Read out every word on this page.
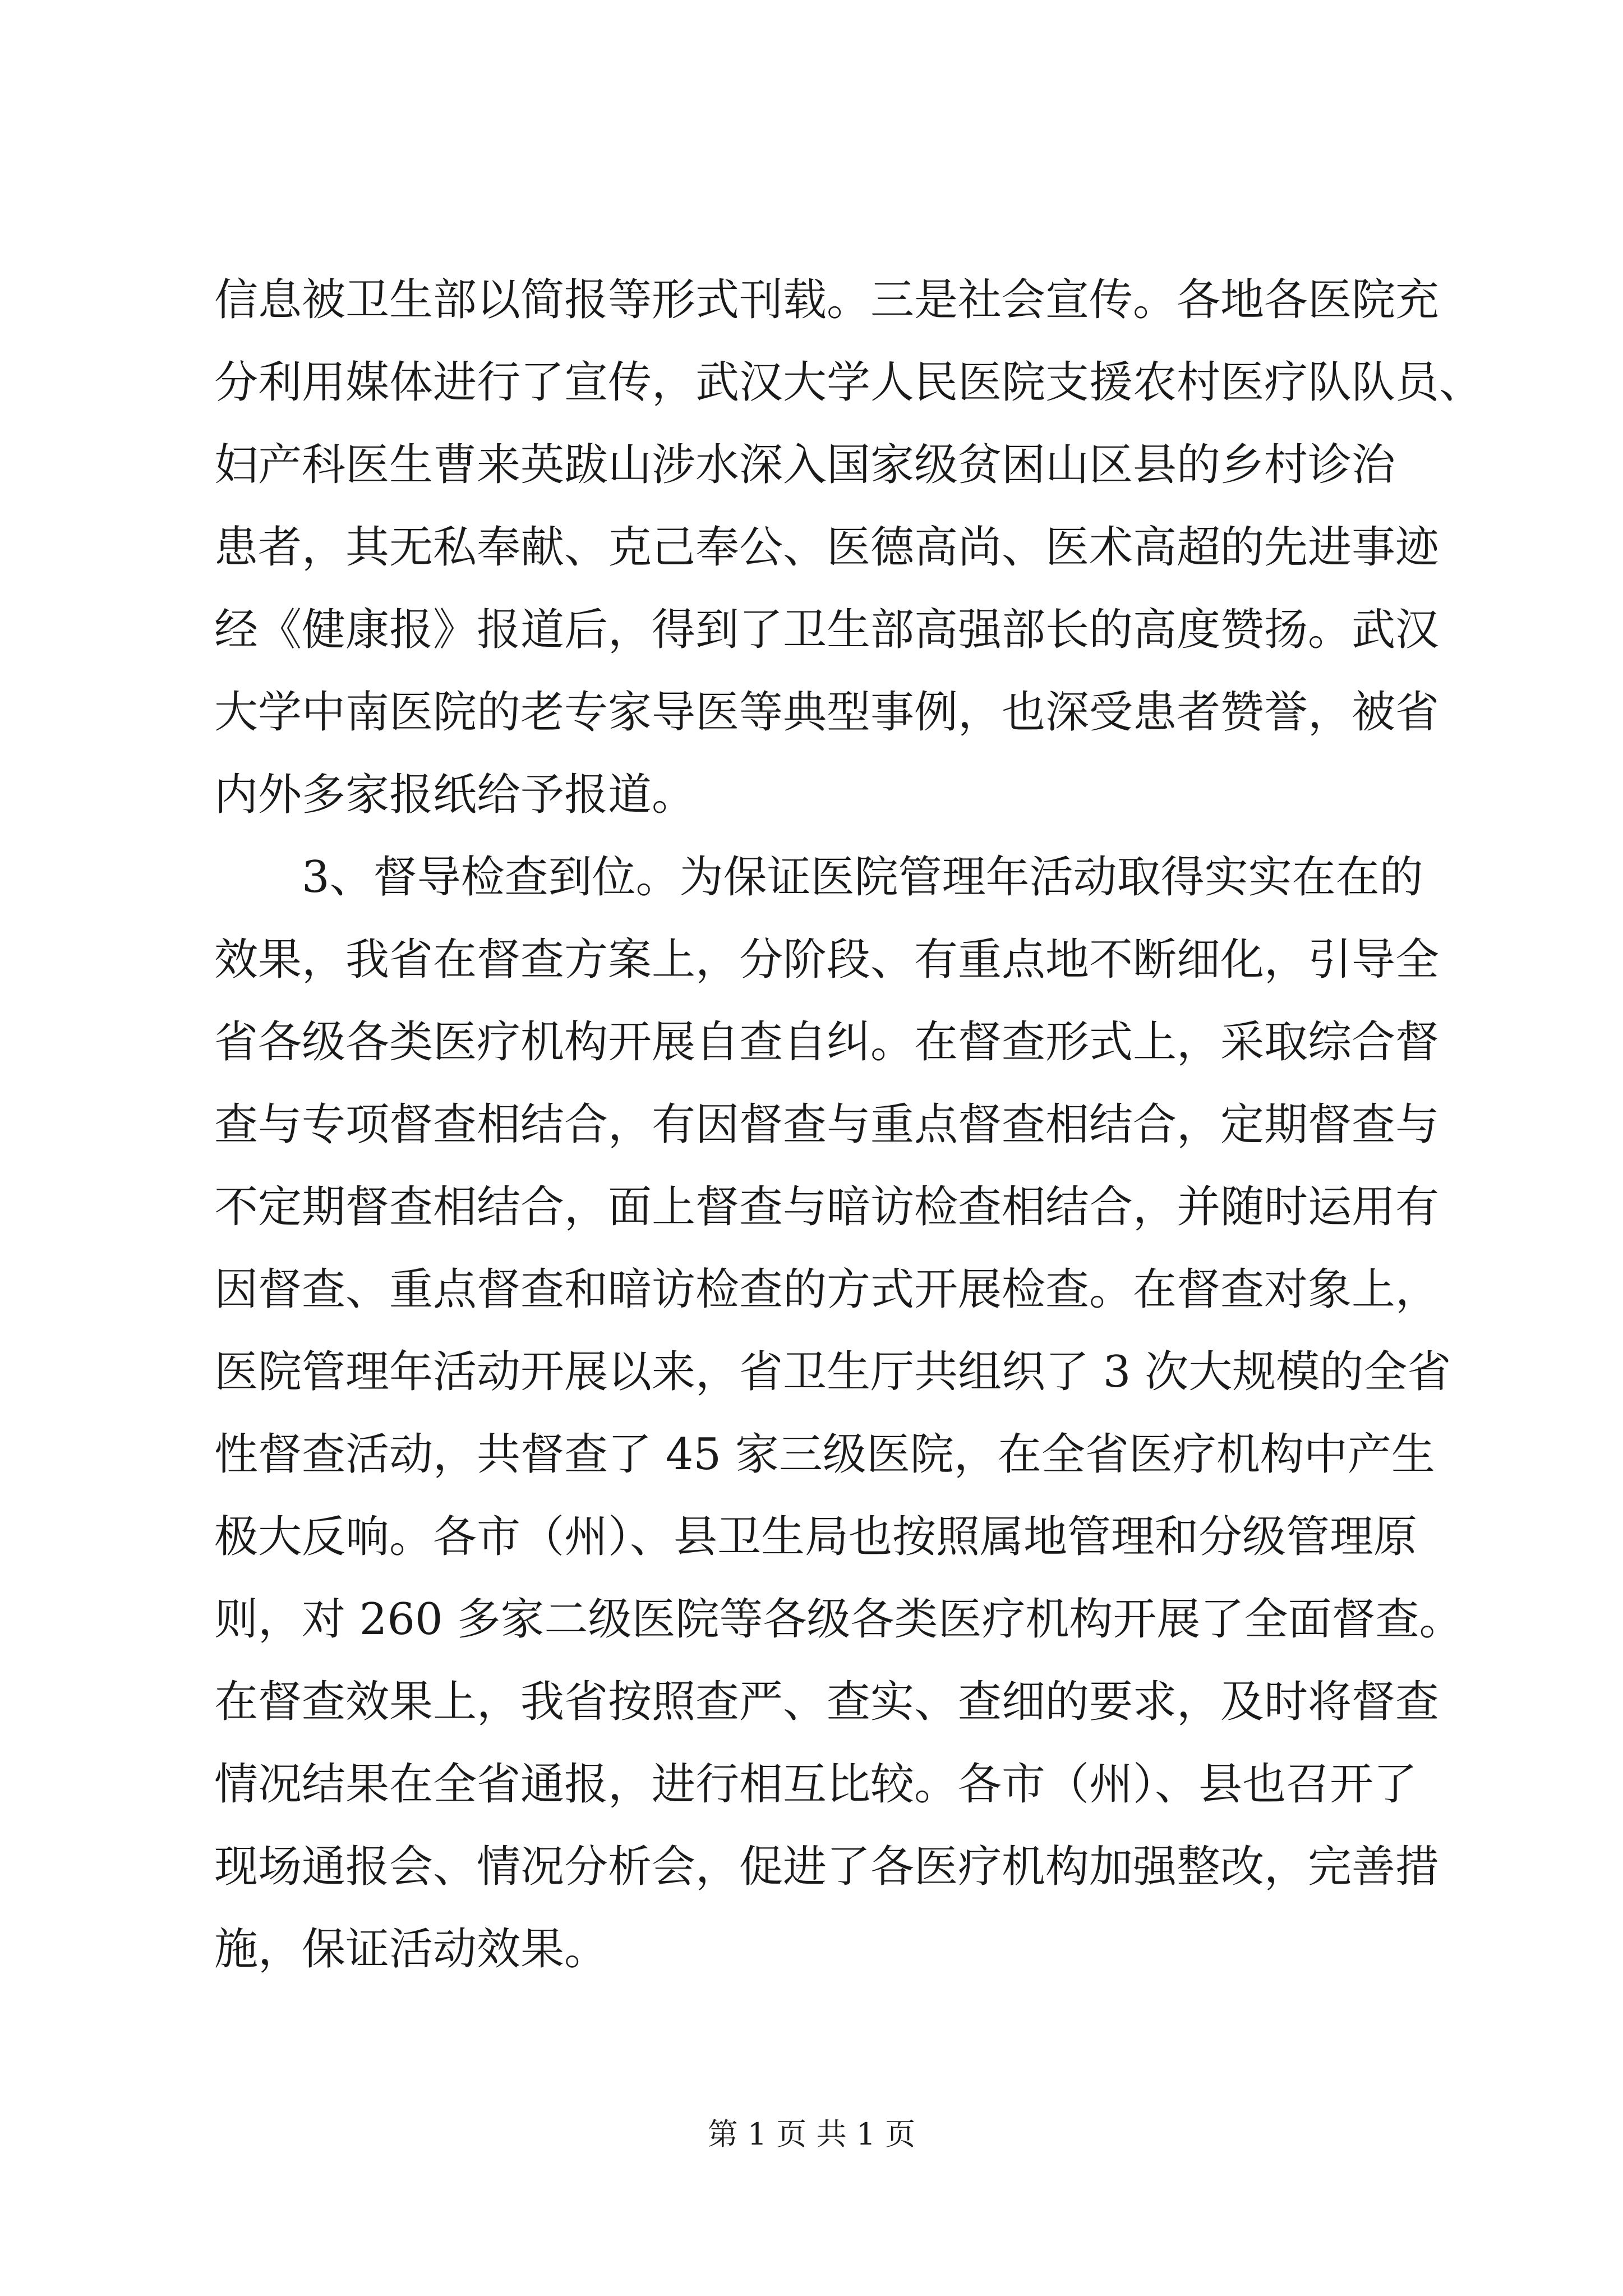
信息被卫生部以简报等形式刊载。三是社会宣传。各地各医院充
分利用媒体进行了宣传，武汉大学人民医院支援农村医疗队队员、
妇产科医生曹来英跋山涉水深入国家级贫困山区县的乡村诊治
患者，其无私奉献、克己奉公、医德高尚、医术高超的先进事迹
经《健康报》报道后，得到了卫生部高强部长的高度赞扬。武汉
大学中南医院的老专家导医等典型事例，也深受患者赞誉，被省
内外多家报纸给予报道。
　　3、督导检查到位。为保证医院管理年活动取得实实在在的
效果，我省在督查方案上，分阶段、有重点地不断细化，引导全
省各级各类医疗机构开展自查自纠。在督查形式上，采取综合督
查与专项督查相结合，有因督查与重点督查相结合，定期督查与
不定期督查相结合，面上督查与暗访检查相结合，并随时运用有
因督查、重点督查和暗访检查的方式开展检查。在督查对象上，
医院管理年活动开展以来，省卫生厅共组织了 3 次大规模的全省
性督查活动，共督查了 45 家三级医院，在全省医疗机构中产生
极大反响。各市（州）、县卫生局也按照属地管理和分级管理原
则，对 260 多家二级医院等各级各类医疗机构开展了全面督查。
在督查效果上，我省按照查严、查实、查细的要求，及时将督查
情况结果在全省通报，进行相互比较。各市（州）、县也召开了
现场通报会、情况分析会，促进了各医疗机构加强整改，完善措
施，保证活动效果。
第 1 页 共 1 页
